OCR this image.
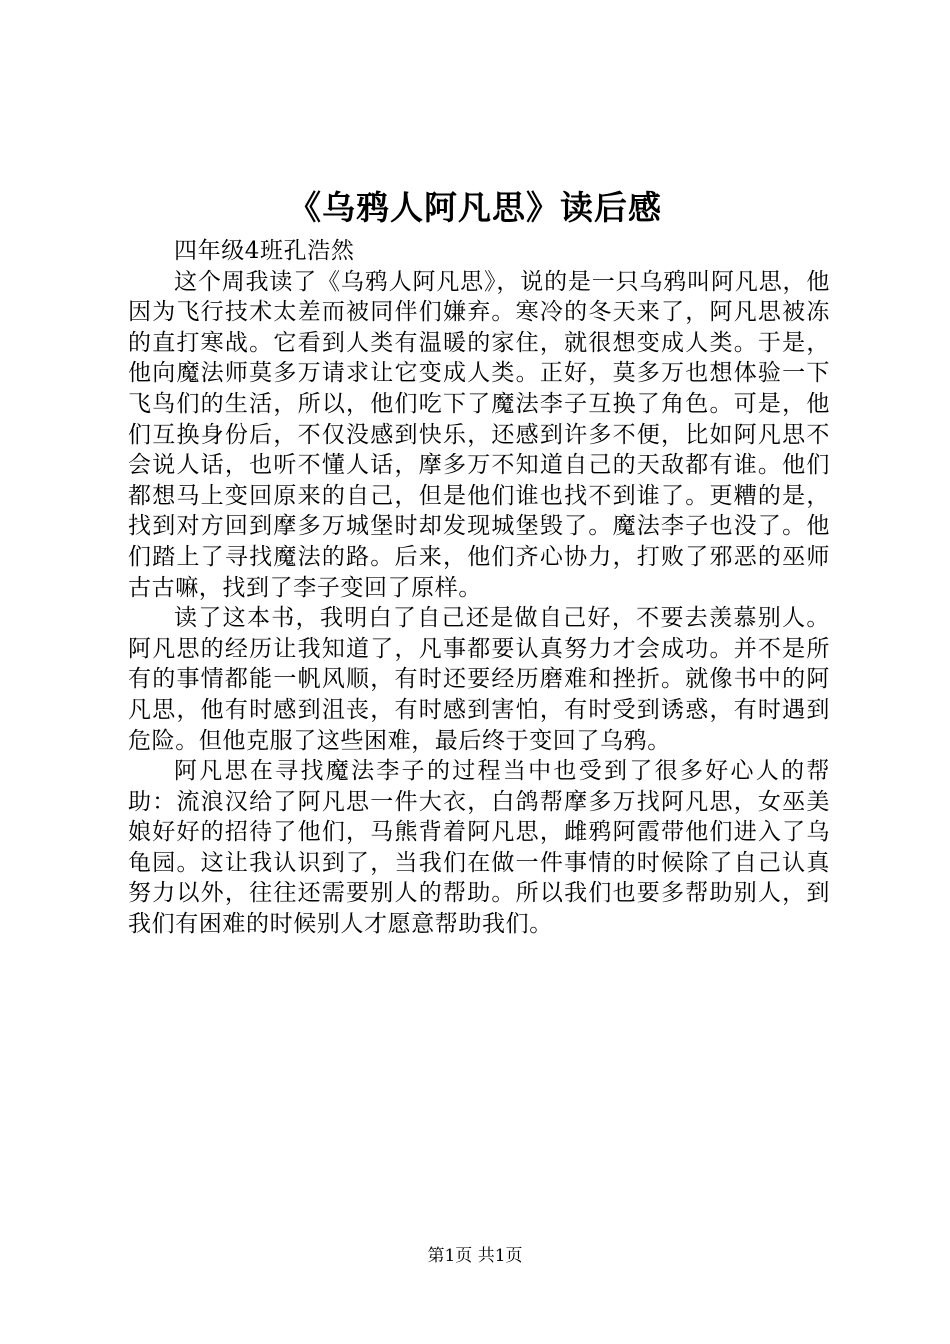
《乌鸦人阿凡思》读后感

四年级4班孔浩然

这个周我读了《乌鸦人阿凡思》，说的是一只乌鸦叫阿凡思，他因为飞行技术太差而被同伴们嫌弃。寒冷的冬天来了，阿凡思被冻的直打寒战。它看到人类有温暖的家住，就很想变成人类。于是，他向魔法师莫多万请求让它变成人类。正好，莫多万也想体验一下飞鸟们的生活，所以，他们吃下了魔法李子互换了角色。可是，他们互换身份后，不仅没感到快乐，还感到许多不便，比如阿凡思不会说人话，也听不懂人话，摩多万不知道自己的天敌都有谁。他们都想马上变回原来的自己，但是他们谁也找不到谁了。更糟的是，找到对方回到摩多万城堡时却发现城堡毁了。魔法李子也没了。他们踏上了寻找魔法的路。后来，他们齐心协力，打败了邪恶的巫师古古嘛，找到了李子变回了原样。

读了这本书，我明白了自己还是做自己好，不要去羡慕别人。阿凡思的经历让我知道了，凡事都要认真努力才会成功。并不是所有的事情都能一帆风顺，有时还要经历磨难和挫折。就像书中的阿凡思，他有时感到沮丧，有时感到害怕，有时受到诱惑，有时遇到危险。但他克服了这些困难，最后终于变回了乌鸦。

阿凡思在寻找魔法李子的过程当中也受到了很多好心人的帮助：流浪汉给了阿凡思一件大衣，白鸽帮摩多万找阿凡思，女巫美娘好好的招待了他们，马熊背着阿凡思，雌鸦阿霞带他们进入了乌龟园。这让我认识到了，当我们在做一件事情的时候除了自己认真努力以外，往往还需要别人的帮助。所以我们也要多帮助别人，到我们有困难的时候别人才愿意帮助我们。

第1页 共1页
